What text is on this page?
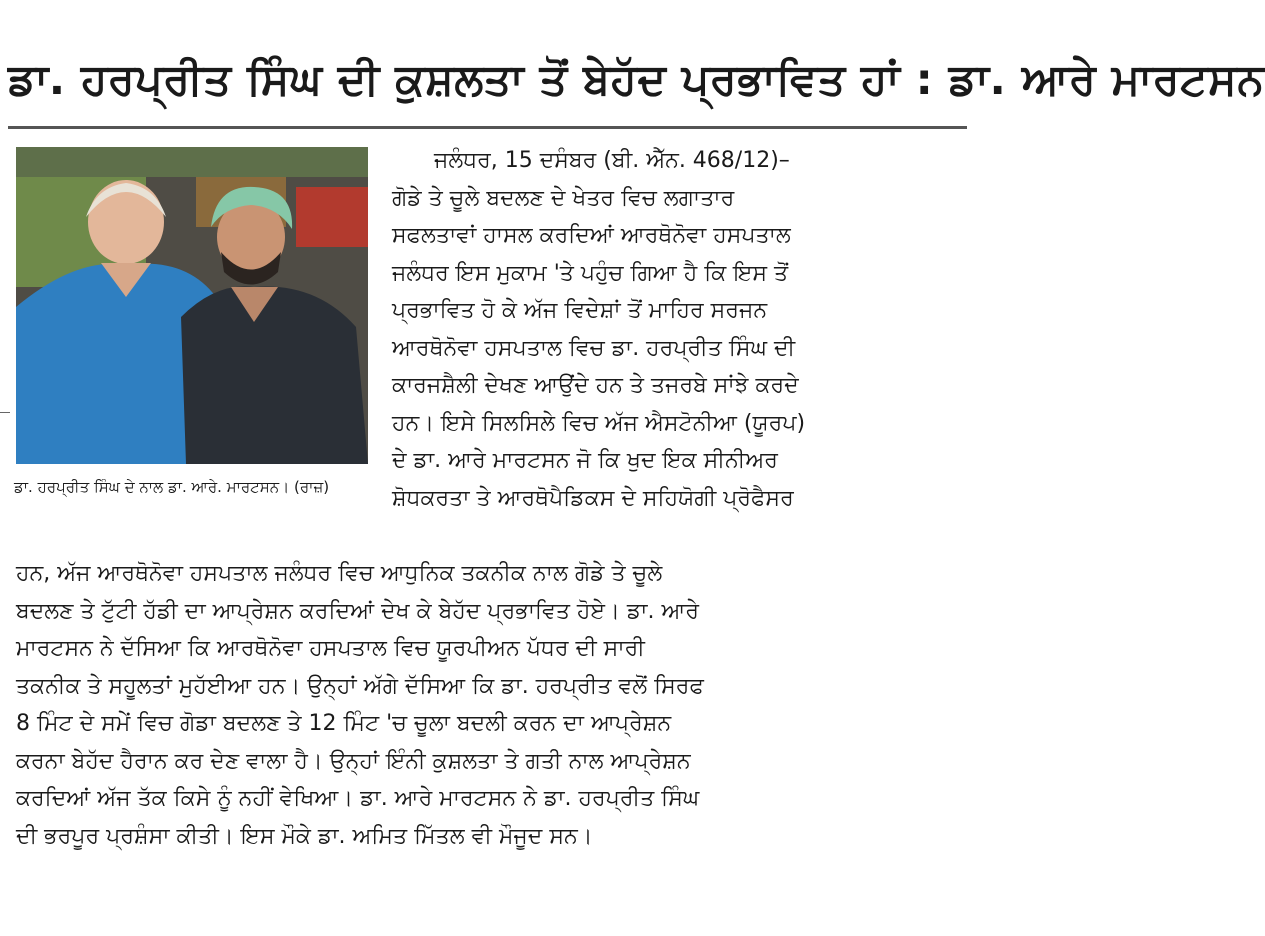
ਡਾ. ਹਰਪ੍ਰੀਤ ਸਿੰਘ ਦੀ ਕੁਸ਼ਲਤਾ ਤੋਂ ਬੇਹੱਦ ਪ੍ਰਭਾਵਿਤ ਹਾਂ : ਡਾ. ਆਰੇ ਮਾਰਟਸਨ
ਡਾ. ਹਰਪ੍ਰੀਤ ਸਿੰਘ ਦੇ ਨਾਲ ਡਾ. ਆਰੇ. ਮਾਰਟਸਨ। (ਰਾਜ਼)
ਜਲੰਧਰ, 15 ਦਸੰਬਰ (ਬੀ. ਐੱਨ. 468/12)–
ਗੋਡੇ ਤੇ ਚੂਲੇ ਬਦਲਣ ਦੇ ਖੇਤਰ ਵਿਚ ਲਗਾਤਾਰ
ਸਫਲਤਾਵਾਂ ਹਾਸਲ ਕਰਦਿਆਂ ਆਰਥੋਨੋਵਾ ਹਸਪਤਾਲ
ਜਲੰਧਰ ਇਸ ਮੁਕਾਮ 'ਤੇ ਪਹੁੰਚ ਗਿਆ ਹੈ ਕਿ ਇਸ ਤੋਂ
ਪ੍ਰਭਾਵਿਤ ਹੋ ਕੇ ਅੱਜ ਵਿਦੇਸ਼ਾਂ ਤੋਂ ਮਾਹਿਰ ਸਰਜਨ
ਆਰਥੋਨੋਵਾ ਹਸਪਤਾਲ ਵਿਚ ਡਾ. ਹਰਪ੍ਰੀਤ ਸਿੰਘ ਦੀ
ਕਾਰਜਸ਼ੈਲੀ ਦੇਖਣ ਆਉਂਦੇ ਹਨ ਤੇ ਤਜਰਬੇ ਸਾਂਝੇ ਕਰਦੇ
ਹਨ। ਇਸੇ ਸਿਲਸਿਲੇ ਵਿਚ ਅੱਜ ਐਸਟੋਨੀਆ (ਯੂਰਪ)
ਦੇ ਡਾ. ਆਰੇ ਮਾਰਟਸਨ ਜੋ ਕਿ ਖੁਦ ਇਕ ਸੀਨੀਅਰ
ਸ਼ੋਧਕਰਤਾ ਤੇ ਆਰਥੋਪੈਡਿਕਸ ਦੇ ਸਹਿਯੋਗੀ ਪ੍ਰੋਫੈਸਰ
ਹਨ, ਅੱਜ ਆਰਥੋਨੋਵਾ ਹਸਪਤਾਲ ਜਲੰਧਰ ਵਿਚ ਆਧੁਨਿਕ ਤਕਨੀਕ ਨਾਲ ਗੋਡੇ ਤੇ ਚੂਲੇ
ਬਦਲਣ ਤੇ ਟੁੱਟੀ ਹੱਡੀ ਦਾ ਆਪ੍ਰੇਸ਼ਨ ਕਰਦਿਆਂ ਦੇਖ ਕੇ ਬੇਹੱਦ ਪ੍ਰਭਾਵਿਤ ਹੋਏ। ਡਾ. ਆਰੇ
ਮਾਰਟਸਨ ਨੇ ਦੱਸਿਆ ਕਿ ਆਰਥੋਨੋਵਾ ਹਸਪਤਾਲ ਵਿਚ ਯੂਰਪੀਅਨ ਪੱਧਰ ਦੀ ਸਾਰੀ
ਤਕਨੀਕ ਤੇ ਸਹੂਲਤਾਂ ਮੁਹੱਈਆ ਹਨ। ਉਨ੍ਹਾਂ ਅੱਗੇ ਦੱਸਿਆ ਕਿ ਡਾ. ਹਰਪ੍ਰੀਤ ਵਲੋਂ ਸਿਰਫ
8 ਮਿੰਟ ਦੇ ਸਮੇਂ ਵਿਚ ਗੋਡਾ ਬਦਲਣ ਤੇ 12 ਮਿੰਟ 'ਚ ਚੂਲਾ ਬਦਲੀ ਕਰਨ ਦਾ ਆਪ੍ਰੇਸ਼ਨ
ਕਰਨਾ ਬੇਹੱਦ ਹੈਰਾਨ ਕਰ ਦੇਣ ਵਾਲਾ ਹੈ। ਉਨ੍ਹਾਂ ਇੰਨੀ ਕੁਸ਼ਲਤਾ ਤੇ ਗਤੀ ਨਾਲ ਆਪ੍ਰੇਸ਼ਨ
ਕਰਦਿਆਂ ਅੱਜ ਤੱਕ ਕਿਸੇ ਨੂੰ ਨਹੀਂ ਵੇਖਿਆ। ਡਾ. ਆਰੇ ਮਾਰਟਸਨ ਨੇ ਡਾ. ਹਰਪ੍ਰੀਤ ਸਿੰਘ
ਦੀ ਭਰਪੂਰ ਪ੍ਰਸ਼ੰਸਾ ਕੀਤੀ। ਇਸ ਮੌਕੇ ਡਾ. ਅਮਿਤ ਮਿੱਤਲ ਵੀ ਮੌਜੂਦ ਸਨ।
